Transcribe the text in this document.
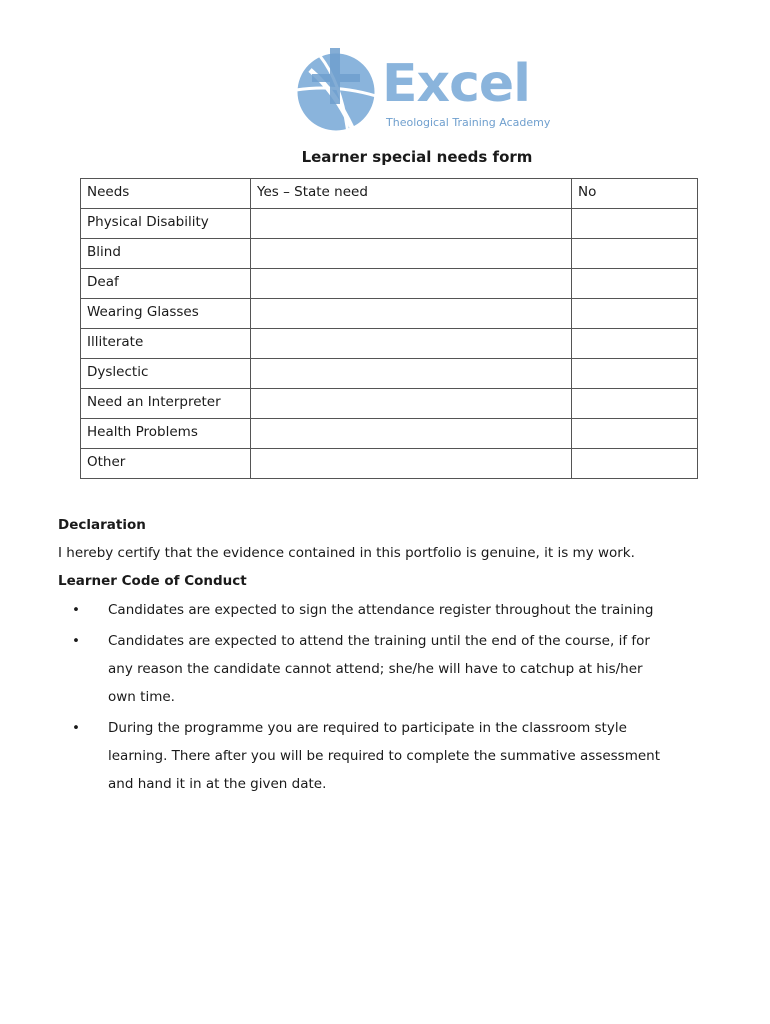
Excel
Theological Training Academy
Learner special needs form
Needs	Yes – State need	No
Physical Disability		
Blind		
Deaf		
Wearing Glasses		
Illiterate		
Dyslectic		
Need an Interpreter		
Health Problems		
Other		

Declaration

I hereby certify that the evidence contained in this portfolio is genuine, it is my work.

Learner Code of Conduct

• Candidates are expected to sign the attendance register throughout the training
• Candidates are expected to attend the training until the end of the course, if for any reason the candidate cannot attend; she/he will have to catchup at his/her own time.
• During the programme you are required to participate in the classroom style learning. There after you will be required to complete the summative assessment and hand it in at the given date.
